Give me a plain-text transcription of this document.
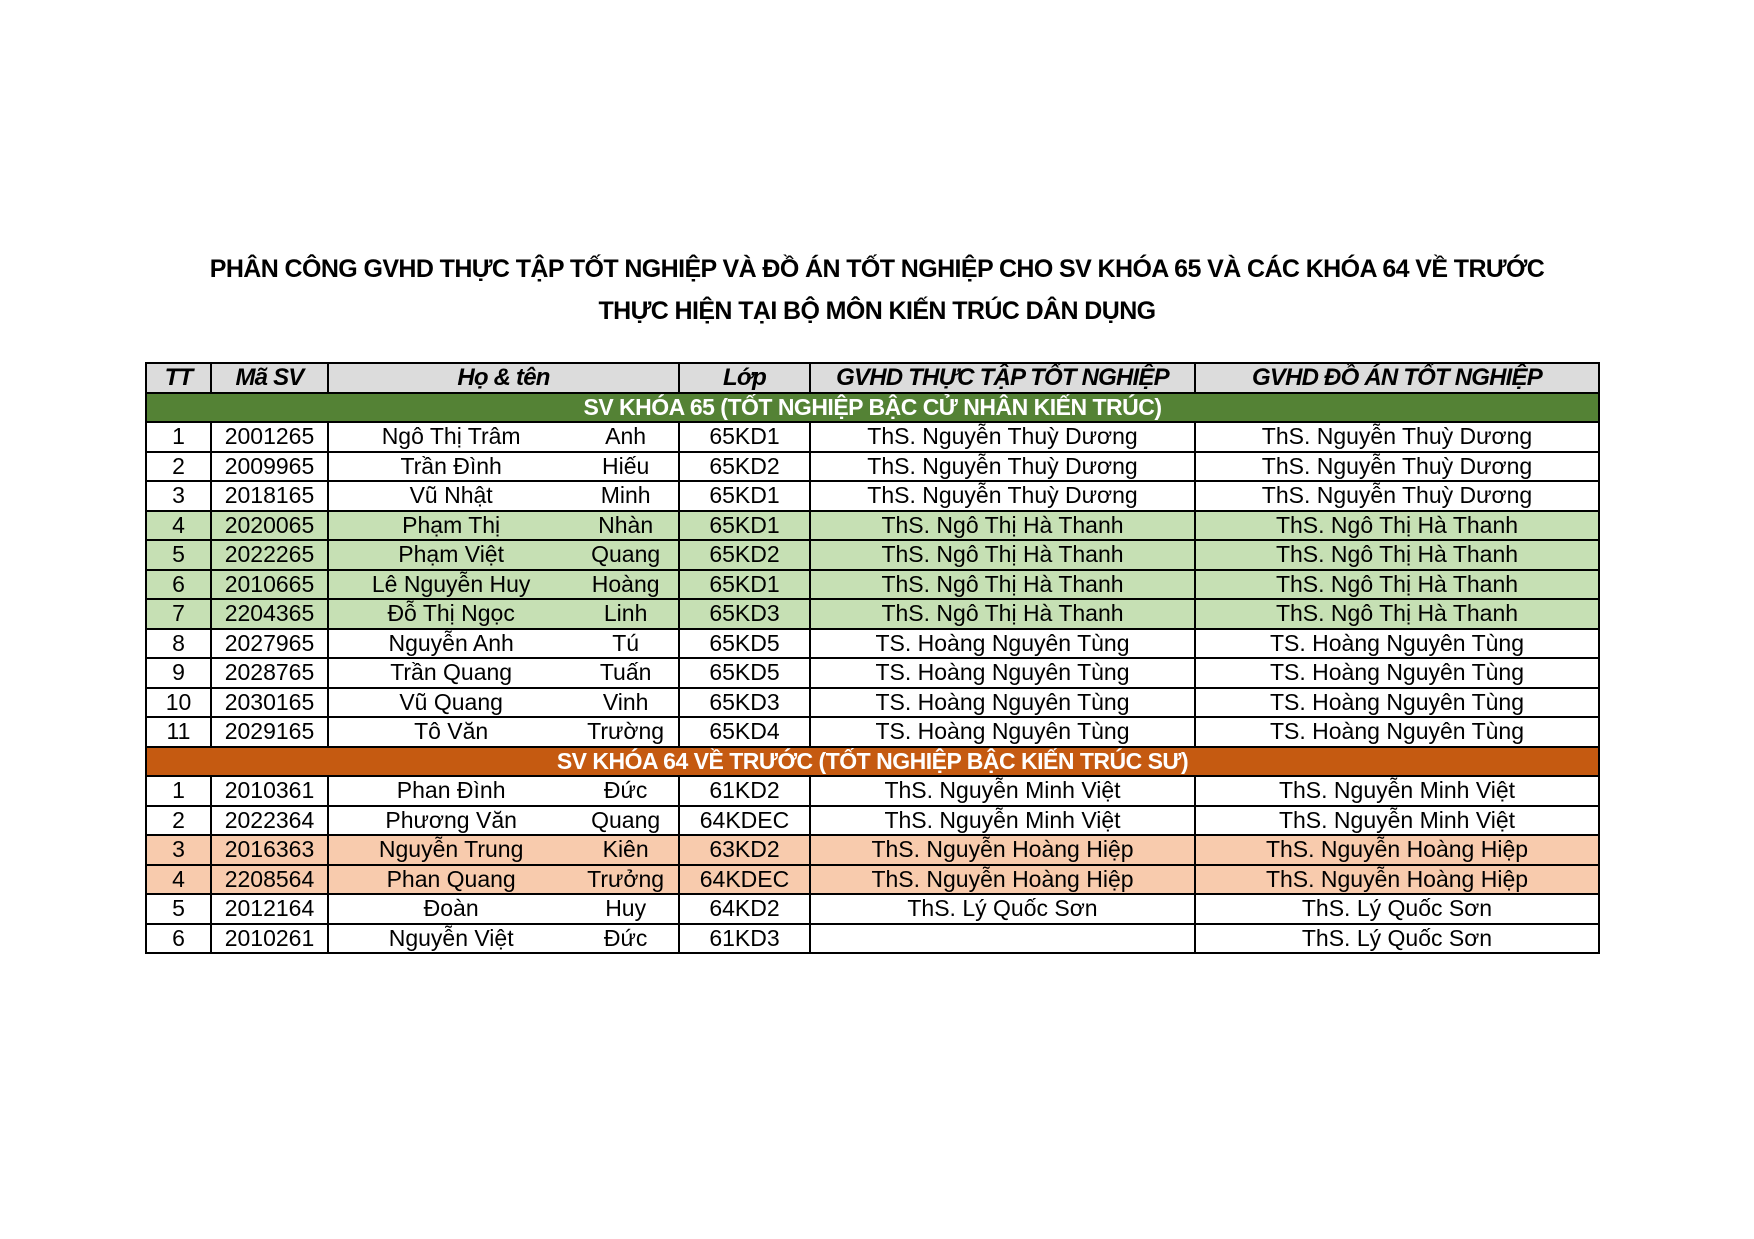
PHÂN CÔNG GVHD THỰC TẬP TỐT NGHIỆP VÀ ĐỒ ÁN TỐT NGHIỆP CHO SV KHÓA 65 VÀ CÁC KHÓA 64 VỀ TRƯỚC
THỰC HIỆN TẠI BỘ MÔN KIẾN TRÚC DÂN DỤNG
TT	Mã SV	Họ & tên	Lớp	GVHD THỰC TẬP TỐT NGHIỆP	GVHD ĐỒ ÁN TỐT NGHIỆP
SV KHÓA 65 (TỐT NGHIỆP BẬC CỬ NHÂN KIẾN TRÚC)					
1	2001265	Ngô Thị Trâm Anh	65KD1	ThS. Nguyễn Thuỳ Dương	ThS. Nguyễn Thuỳ Dương
2	2009965	Trần Đình Hiếu	65KD2	ThS. Nguyễn Thuỳ Dương	ThS. Nguyễn Thuỳ Dương
3	2018165	Vũ Nhật Minh	65KD1	ThS. Nguyễn Thuỳ Dương	ThS. Nguyễn Thuỳ Dương
4	2020065	Phạm Thị Nhàn	65KD1	ThS. Ngô Thị Hà Thanh	ThS. Ngô Thị Hà Thanh
5	2022265	Phạm Việt Quang	65KD2	ThS. Ngô Thị Hà Thanh	ThS. Ngô Thị Hà Thanh
6	2010665	Lê Nguyễn Huy Hoàng	65KD1	ThS. Ngô Thị Hà Thanh	ThS. Ngô Thị Hà Thanh
7	2204365	Đỗ Thị Ngọc Linh	65KD3	ThS. Ngô Thị Hà Thanh	ThS. Ngô Thị Hà Thanh
8	2027965	Nguyễn Anh Tú	65KD5	TS. Hoàng Nguyên Tùng	TS. Hoàng Nguyên Tùng
9	2028765	Trần Quang Tuấn	65KD5	TS. Hoàng Nguyên Tùng	TS. Hoàng Nguyên Tùng
10	2030165	Vũ Quang Vinh	65KD3	TS. Hoàng Nguyên Tùng	TS. Hoàng Nguyên Tùng
11	2029165	Tô Văn Trường	65KD4	TS. Hoàng Nguyên Tùng	TS. Hoàng Nguyên Tùng
SV KHÓA 64 VỀ TRƯỚC (TỐT NGHIỆP BẬC KIẾN TRÚC SƯ)					
1	2010361	Phan Đình Đức	61KD2	ThS. Nguyễn Minh Việt	ThS. Nguyễn Minh Việt
2	2022364	Phương Văn Quang	64KDEC	ThS. Nguyễn Minh Việt	ThS. Nguyễn Minh Việt
3	2016363	Nguyễn Trung Kiên	63KD2	ThS. Nguyễn Hoàng Hiệp	ThS. Nguyễn Hoàng Hiệp
4	2208564	Phan Quang Trưởng	64KDEC	ThS. Nguyễn Hoàng Hiệp	ThS. Nguyễn Hoàng Hiệp
5	2012164	Đoàn Huy	64KD2	ThS. Lý Quốc Sơn	ThS. Lý Quốc Sơn
6	2010261	Nguyễn Việt Đức	61KD3		ThS. Lý Quốc Sơn
